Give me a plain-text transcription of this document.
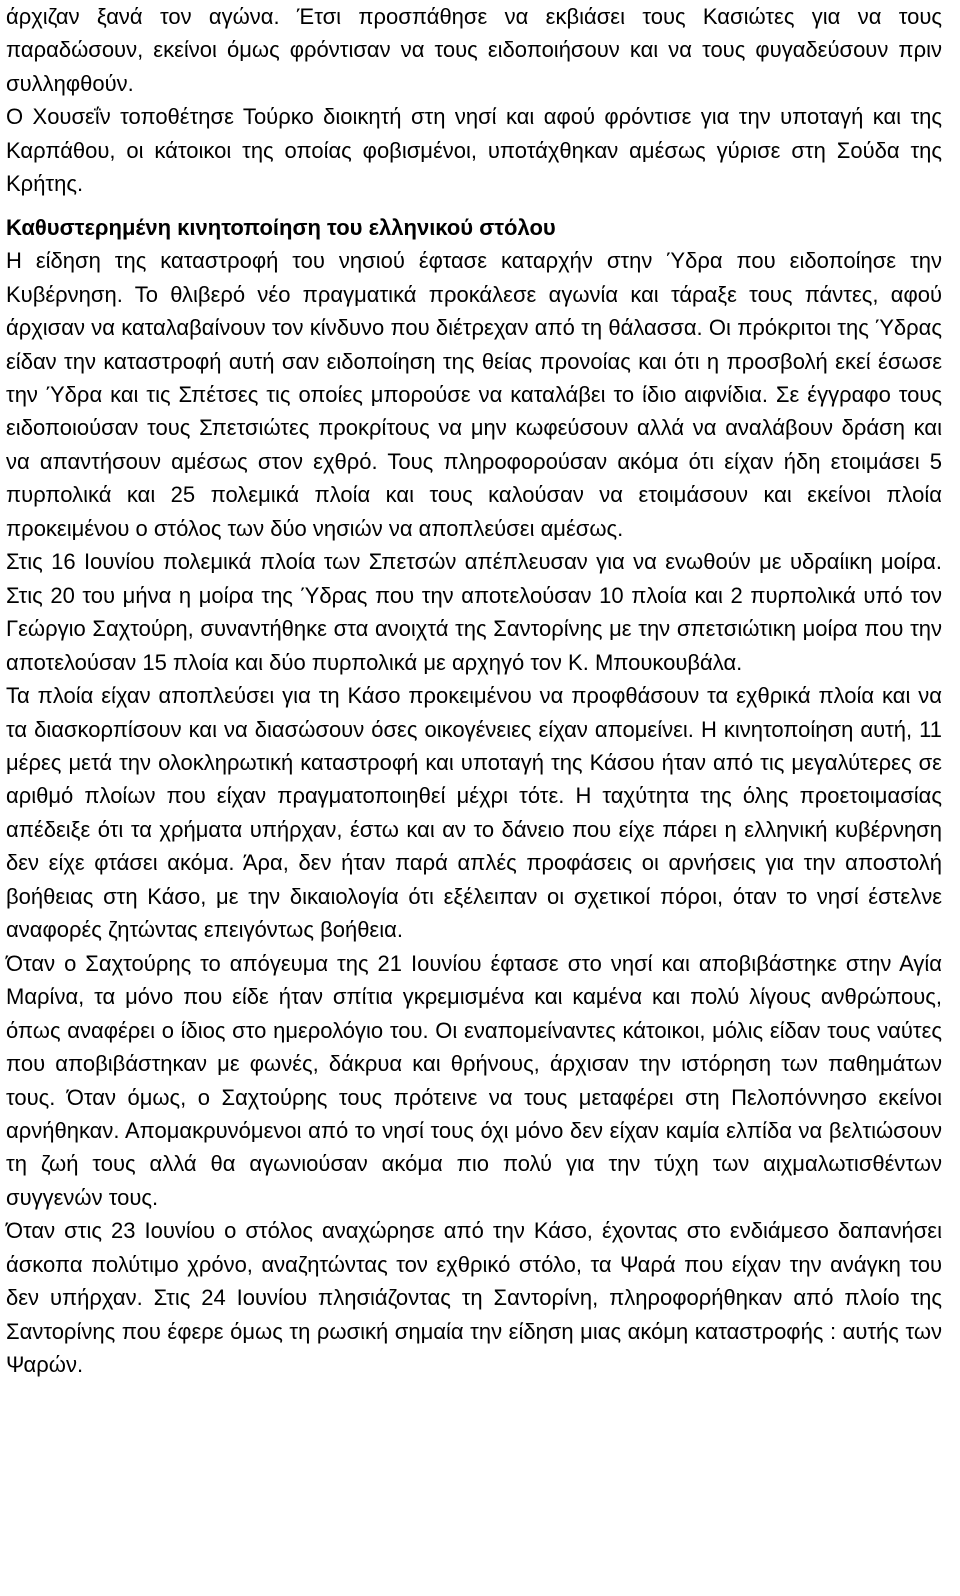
άρχιζαν ξανά τον αγώνα. Έτσι προσπάθησε να εκβιάσει τους Κασιώτες για να τους παραδώσουν, εκείνοι όμως φρόντισαν να τους ειδοποιήσουν και να τους φυγαδεύσουν πριν συλληφθούν.

Ο Χουσεΐν τοποθέτησε Τούρκο διοικητή στη νησί και αφού φρόντισε για την υποταγή και της Καρπάθου, οι κάτοικοι της οποίας φοβισμένοι, υποτάχθηκαν αμέσως γύρισε στη Σούδα της Κρήτης.

Καθυστερημένη κινητοποίηση του ελληνικού στόλου

Η είδηση της καταστροφή του νησιού έφτασε καταρχήν στην Ύδρα που ειδοποίησε την Κυβέρνηση. Το θλιβερό νέο πραγματικά προκάλεσε αγωνία και τάραξε τους πάντες, αφού άρχισαν να καταλαβαίνουν τον κίνδυνο που διέτρεχαν από τη θάλασσα. Οι πρόκριτοι της Ύδρας είδαν την καταστροφή αυτή σαν ειδοποίηση της θείας προνοίας και ότι η προσβολή εκεί έσωσε την Ύδρα και τις Σπέτσες τις οποίες μπορούσε να καταλάβει το ίδιο αιφνίδια. Σε έγγραφο τους ειδοποιούσαν τους Σπετσιώτες προκρίτους να μην κωφεύσουν αλλά να αναλάβουν δράση και να απαντήσουν αμέσως στον εχθρό. Τους πληροφορούσαν ακόμα ότι είχαν ήδη ετοιμάσει 5 πυρπολικά και 25 πολεμικά πλοία και τους καλούσαν να ετοιμάσουν και εκείνοι πλοία προκειμένου ο στόλος των δύο νησιών να αποπλεύσει αμέσως.

Στις 16 Ιουνίου πολεμικά πλοία των Σπετσών απέπλευσαν για να ενωθούν με υδραίικη μοίρα. Στις 20 του μήνα η μοίρα της Ύδρας που την αποτελούσαν 10 πλοία και 2 πυρπολικά υπό τον Γεώργιο Σαχτούρη, συναντήθηκε στα ανοιχτά της Σαντορίνης με την σπετσιώτικη μοίρα που την αποτελούσαν 15 πλοία και δύο πυρπολικά με αρχηγό τον Κ. Μπουκουβάλα.

Τα πλοία είχαν αποπλεύσει για τη Κάσο προκειμένου να προφθάσουν τα εχθρικά πλοία και να τα διασκορπίσουν και να διασώσουν όσες οικογένειες είχαν απομείνει. Η κινητοποίηση αυτή, 11 μέρες μετά την ολοκληρωτική καταστροφή και υποταγή της Κάσου ήταν από τις μεγαλύτερες σε αριθμό πλοίων που είχαν πραγματοποιηθεί μέχρι τότε. Η ταχύτητα της όλης προετοιμασίας απέδειξε ότι τα χρήματα υπήρχαν, έστω και αν το δάνειο που είχε πάρει η ελληνική κυβέρνηση δεν είχε φτάσει ακόμα. Άρα, δεν ήταν παρά απλές προφάσεις οι αρνήσεις για την αποστολή βοήθειας στη Κάσο, με την δικαιολογία ότι εξέλειπαν οι σχετικοί πόροι, όταν το νησί έστελνε αναφορές ζητώντας επειγόντως βοήθεια.

Όταν ο Σαχτούρης το απόγευμα της 21 Ιουνίου έφτασε στο νησί και αποβιβάστηκε στην Αγία Μαρίνα, τα μόνο που είδε ήταν σπίτια γκρεμισμένα και καμένα και πολύ λίγους ανθρώπους, όπως αναφέρει ο ίδιος στο ημερολόγιο του. Οι εναπομείναντες κάτοικοι, μόλις είδαν τους ναύτες που αποβιβάστηκαν με φωνές, δάκρυα και θρήνους, άρχισαν την ιστόρηση των παθημάτων τους. Όταν όμως, ο Σαχτούρης τους πρότεινε να τους μεταφέρει στη Πελοπόννησο εκείνοι αρνήθηκαν. Απομακρυνόμενοι από το νησί τους όχι μόνο δεν είχαν καμία ελπίδα να βελτιώσουν τη ζωή τους αλλά θα αγωνιούσαν ακόμα πιο πολύ για την τύχη των αιχμαλωτισθέντων συγγενών τους.

Όταν στις 23 Ιουνίου ο στόλος αναχώρησε από την Κάσο, έχοντας στο ενδιάμεσο δαπανήσει άσκοπα πολύτιμο χρόνο, αναζητώντας τον εχθρικό στόλο, τα Ψαρά που είχαν την ανάγκη του δεν υπήρχαν. Στις 24 Ιουνίου πλησιάζοντας τη Σαντορίνη, πληροφορήθηκαν από πλοίο της Σαντορίνης που έφερε όμως τη ρωσική σημαία την είδηση μιας ακόμη καταστροφής : αυτής των Ψαρών.
